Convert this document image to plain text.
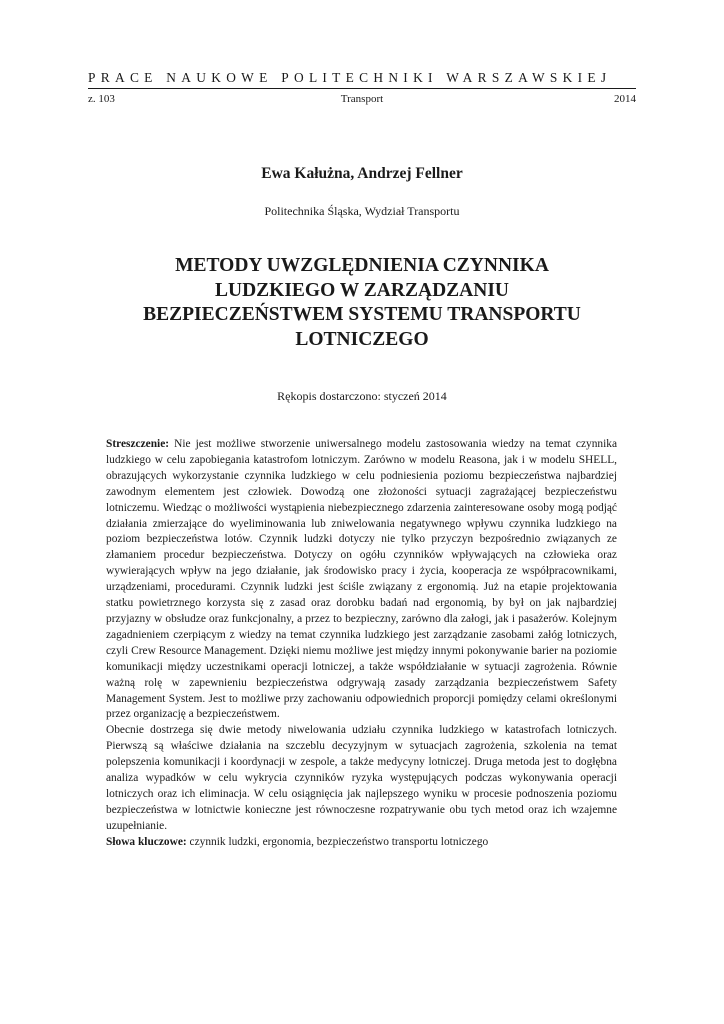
PRACE NAUKOWE POLITECHNIKI WARSZAWSKIEJ
z. 103	Transport	2014
Ewa Kałużna, Andrzej Fellner
Politechnika Śląska, Wydział Transportu
METODY UWZGLĘDNIENIA CZYNNIKA
LUDZKIEGO W ZARZĄDZANIU
BEZPIECZEŃSTWEM SYSTEMU TRANSPORTU
LOTNICZEGO
Rękopis dostarczono: styczeń 2014

Streszczenie: Nie jest możliwe stworzenie uniwersalnego modelu zastosowania wiedzy na temat czynnika ludzkiego w celu zapobiegania katastrofom lotniczym. Zarówno w modelu Reasona, jak i w modelu SHELL, obrazujących wykorzystanie czynnika ludzkiego w celu podniesienia poziomu bezpieczeństwa najbardziej zawodnym elementem jest człowiek. Dowodzą one złożoności sytuacji zagrażającej bezpieczeństwu lotniczemu. Wiedząc o możliwości wystąpienia niebezpiecznego zdarzenia zainteresowane osoby mogą podjąć działania zmierzające do wyeliminowania lub zniwelowania negatywnego wpływu czynnika ludzkiego na poziom bezpieczeństwa lotów. Czynnik ludzki dotyczy nie tylko przyczyn bezpośrednio związanych ze złamaniem procedur bezpieczeństwa. Dotyczy on ogółu czynników wpływających na człowieka oraz wywierających wpływ na jego działanie, jak środowisko pracy i życia, kooperacja ze współpracownikami, urządzeniami, procedurami. Czynnik ludzki jest ściśle związany z ergonomią. Już na etapie projektowania statku powietrznego korzysta się z zasad oraz dorobku badań nad ergonomią, by był on jak najbardziej przyjazny w obsłudze oraz funkcjonalny, a przez to bezpieczny, zarówno dla załogi, jak i pasażerów. Kolejnym zagadnieniem czerpiącym z wiedzy na temat czynnika ludzkiego jest zarządzanie zasobami załóg lotniczych, czyli Crew Resource Management. Dzięki niemu możliwe jest między innymi pokonywanie barier na poziomie komunikacji między uczestnikami operacji lotniczej, a także współdziałanie w sytuacji zagrożenia. Równie ważną rolę w zapewnieniu bezpieczeństwa odgrywają zasady zarządzania bezpieczeństwem Safety Management System. Jest to możliwe przy zachowaniu odpowiednich proporcji pomiędzy celami określonymi przez organizację a bezpieczeństwem.

Obecnie dostrzega się dwie metody niwelowania udziału czynnika ludzkiego w katastrofach lotniczych. Pierwszą są właściwe działania na szczeblu decyzyjnym w sytuacjach zagrożenia, szkolenia na temat polepszenia komunikacji i koordynacji w zespole, a także medycyny lotniczej. Druga metoda jest to dogłębna analiza wypadków w celu wykrycia czynników ryzyka występujących podczas wykonywania operacji lotniczych oraz ich eliminacja. W celu osiągnięcia jak najlepszego wyniku w procesie podnoszenia poziomu bezpieczeństwa w lotnictwie konieczne jest równoczesne rozpatrywanie obu tych metod oraz ich wzajemne uzupełnianie.

Słowa kluczowe: czynnik ludzki, ergonomia, bezpieczeństwo transportu lotniczego
